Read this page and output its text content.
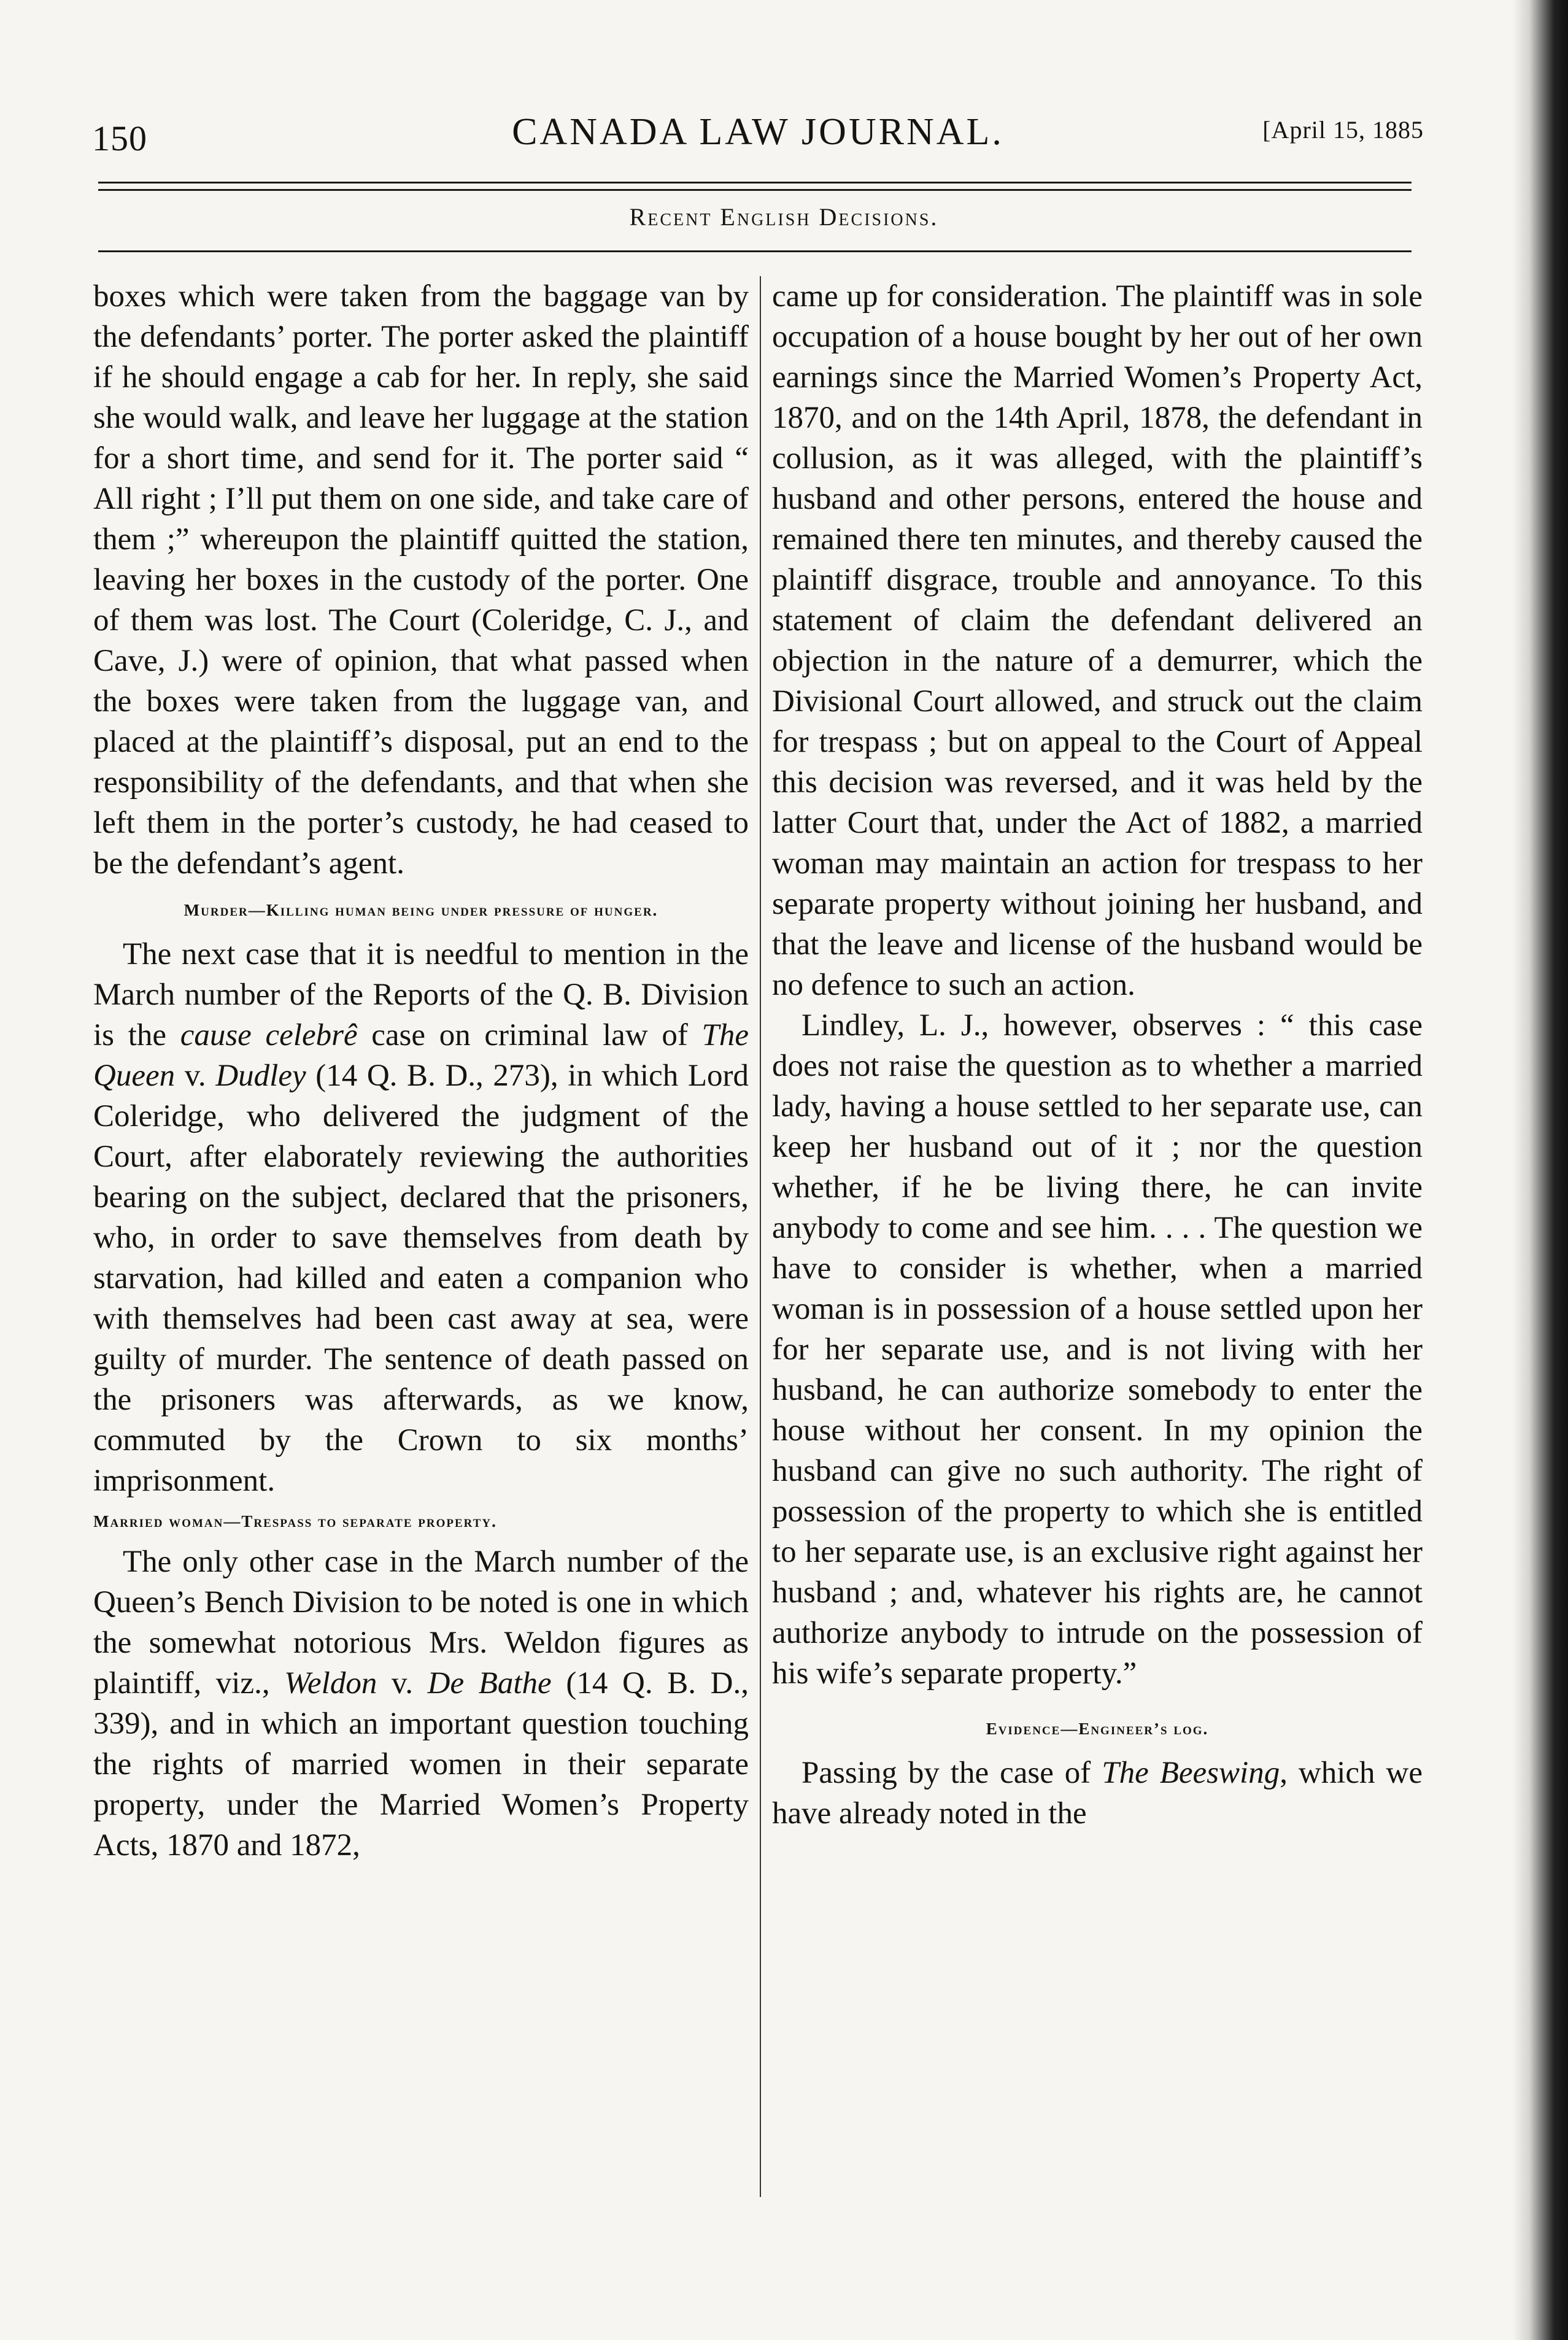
150	CANADA LAW JOURNAL.	[April 15, 1885
Recent English Decisions.

boxes which were taken from the baggage van by the defendants’ porter. The porter asked the plaintiff if he should engage a cab for her. In reply, she said she would walk, and leave her luggage at the station for a short time, and send for it. The porter said “ All right ; I’ll put them on one side, and take care of them ;” whereupon the plaintiff quitted the station, leaving her boxes in the custody of the porter. One of them was lost. The Court (Coleridge, C. J., and Cave, J.) were of opinion, that what passed when the boxes were taken from the luggage van, and placed at the plaintiff’s disposal, put an end to the responsibility of the defendants, and that when she left them in the porter’s custody, he had ceased to be the defendant’s agent.

Murder—Killing human being under pressure of hunger.

The next case that it is needful to mention in the March number of the Reports of the Q. B. Division is the cause celebrê case on criminal law of The Queen v. Dudley (14 Q. B. D., 273), in which Lord Coleridge, who delivered the judgment of the Court, after elaborately reviewing the authorities bearing on the subject, declared that the prisoners, who, in order to save themselves from death by starvation, had killed and eaten a companion who with themselves had been cast away at sea, were guilty of murder. The sentence of death passed on the prisoners was afterwards, as we know, commuted by the Crown to six months’ imprisonment.

Married woman—Trespass to separate property.

The only other case in the March number of the Queen’s Bench Division to be noted is one in which the somewhat notorious Mrs. Weldon figures as plaintiff, viz., Weldon v. De Bathe (14 Q. B. D., 339), and in which an important question touching the rights of married women in their separate property, under the Married Women’s Property Acts, 1870 and 1872,

came up for consideration. The plaintiff was in sole occupation of a house bought by her out of her own earnings since the Married Women’s Property Act, 1870, and on the 14th April, 1878, the defendant in collusion, as it was alleged, with the plaintiff’s husband and other persons, entered the house and remained there ten minutes, and thereby caused the plaintiff disgrace, trouble and annoyance. To this statement of claim the defendant delivered an objection in the nature of a demurrer, which the Divisional Court allowed, and struck out the claim for trespass ; but on appeal to the Court of Appeal this decision was reversed, and it was held by the latter Court that, under the Act of 1882, a married woman may maintain an action for trespass to her separate property without joining her husband, and that the leave and license of the husband would be no defence to such an action.

Lindley, L. J., however, observes : “ this case does not raise the question as to whether a married lady, having a house settled to her separate use, can keep her husband out of it ; nor the question whether, if he be living there, he can invite anybody to come and see him. . . . The question we have to consider is whether, when a married woman is in possession of a house settled upon her for her separate use, and is not living with her husband, he can authorize somebody to enter the house without her consent. In my opinion the husband can give no such authority. The right of possession of the property to which she is entitled to her separate use, is an exclusive right against her husband ; and, whatever his rights are, he cannot authorize anybody to intrude on the possession of his wife’s separate property.”

Evidence—Engineer’s log.

Passing by the case of The Beeswing, which we have already noted in the
